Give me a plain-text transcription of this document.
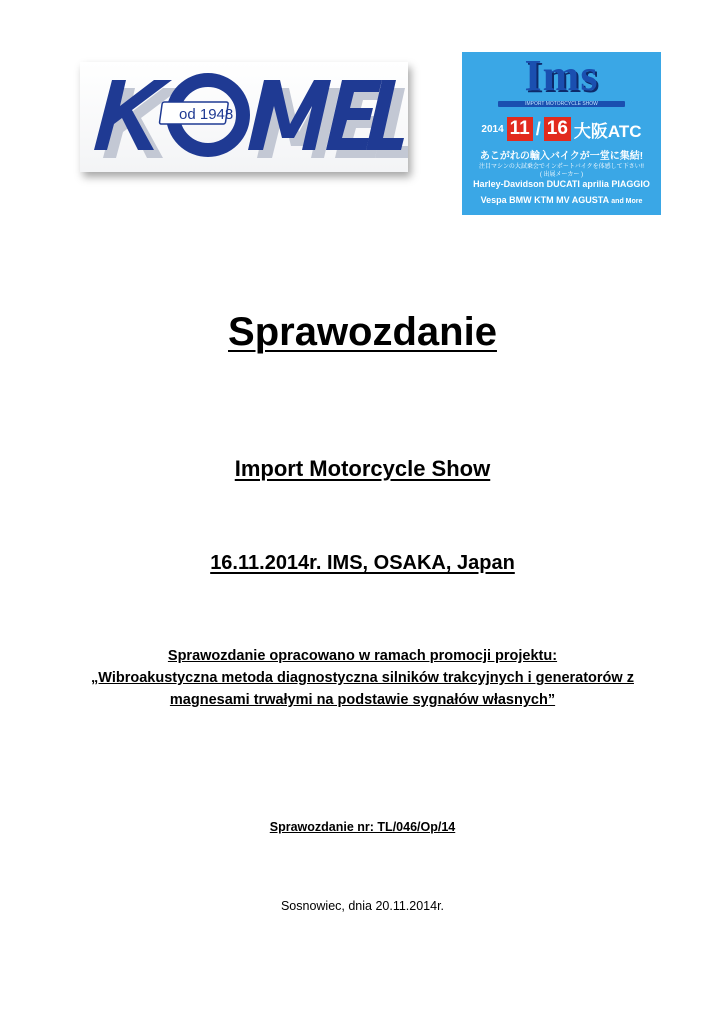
od 1948
Ims
IMPORT MOTORCYCLE SHOW
2014 11 / 16 大阪ATC
あこがれの輸入バイクが一堂に集結!
注目マシンの大試乗会でインポートバイクを体感して下さい!!
( 出展メーカー )
Harley-Davidson DUCATI aprilia PIAGGIO
Vespa BMW KTM MV AGUSTA and More
Sprawozdanie
Import Motorcycle Show
16.11.2014r. IMS, OSAKA, Japan
Sprawozdanie opracowano w ramach promocji projektu:
„Wibroakustyczna metoda diagnostyczna silników trakcyjnych i generatorów z
magnesami trwałymi na podstawie sygnałów własnych”
Sprawozdanie nr: TL/046/Op/14
Sosnowiec, dnia 20.11.2014r.
